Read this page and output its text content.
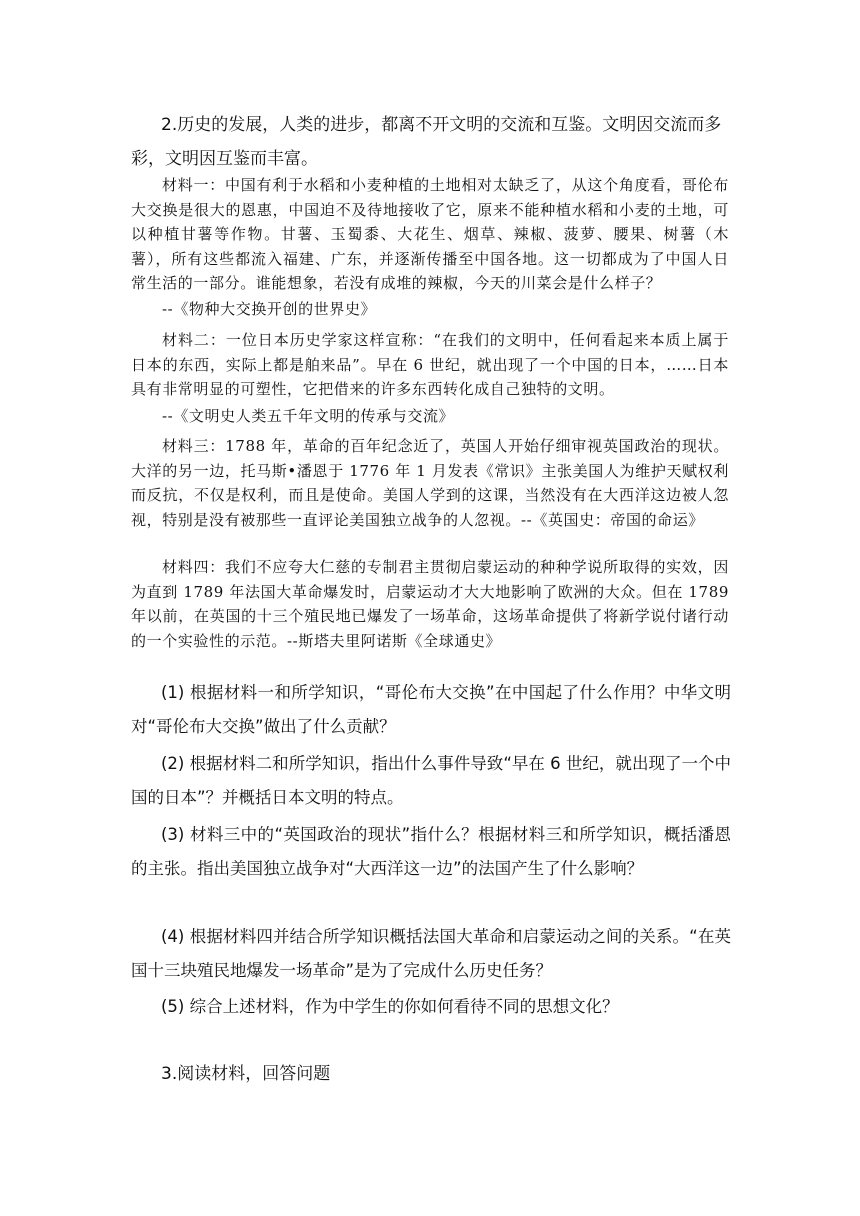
2.历史的发展，人类的进步，都离不开文明的交流和互鉴。文明因交流而多彩，文明因互鉴而丰富。

材料一：中国有利于水稻和小麦种植的土地相对太缺乏了，从这个角度看，哥伦布大交换是很大的恩惠，中国迫不及待地接收了它，原来不能种植水稻和小麦的土地，可以种植甘薯等作物。甘薯、玉蜀黍、大花生、烟草、辣椒、菠萝、腰果、树薯（木薯），所有这些都流入福建、广东，并逐渐传播至中国各地。这一切都成为了中国人日常生活的一部分。谁能想象，若没有成堆的辣椒，今天的川菜会是什么样子？

--《物种大交换开创的世界史》

材料二：一位日本历史学家这样宣称：“在我们的文明中，任何看起来本质上属于日本的东西，实际上都是舶来品”。早在 6 世纪，就出现了一个中国的日本，……日本具有非常明显的可塑性，它把借来的许多东西转化成自己独特的文明。

--《文明史人类五千年文明的传承与交流》

材料三：1788 年，革命的百年纪念近了，英国人开始仔细审视英国政治的现状。大洋的另一边，托马斯•潘恩于 1776 年 1 月发表《常识》主张美国人为维护天赋权利而反抗，不仅是权利，而且是使命。美国人学到的这课，当然没有在大西洋这边被人忽视，特别是没有被那些一直评论美国独立战争的人忽视。--《英国史：帝国的命运》

材料四：我们不应夸大仁慈的专制君主贯彻启蒙运动的种种学说所取得的实效，因为直到 1789 年法国大革命爆发时，启蒙运动才大大地影响了欧洲的大众。但在 1789 年以前，在英国的十三个殖民地已爆发了一场革命，这场革命提供了将新学说付诸行动的一个实验性的示范。--斯塔夫里阿诺斯《全球通史》

(1) 根据材料一和所学知识，“哥伦布大交换”在中国起了什么作用？中华文明对“哥伦布大交换”做出了什么贡献？

(2) 根据材料二和所学知识，指出什么事件导致“早在 6 世纪，就出现了一个中国的日本”？并概括日本文明的特点。

(3) 材料三中的“英国政治的现状”指什么？根据材料三和所学知识，概括潘恩的主张。指出美国独立战争对“大西洋这一边”的法国产生了什么影响？

(4) 根据材料四并结合所学知识概括法国大革命和启蒙运动之间的关系。“在英国十三块殖民地爆发一场革命”是为了完成什么历史任务？

(5) 综合上述材料，作为中学生的你如何看待不同的思想文化？

3.阅读材料，回答问题
